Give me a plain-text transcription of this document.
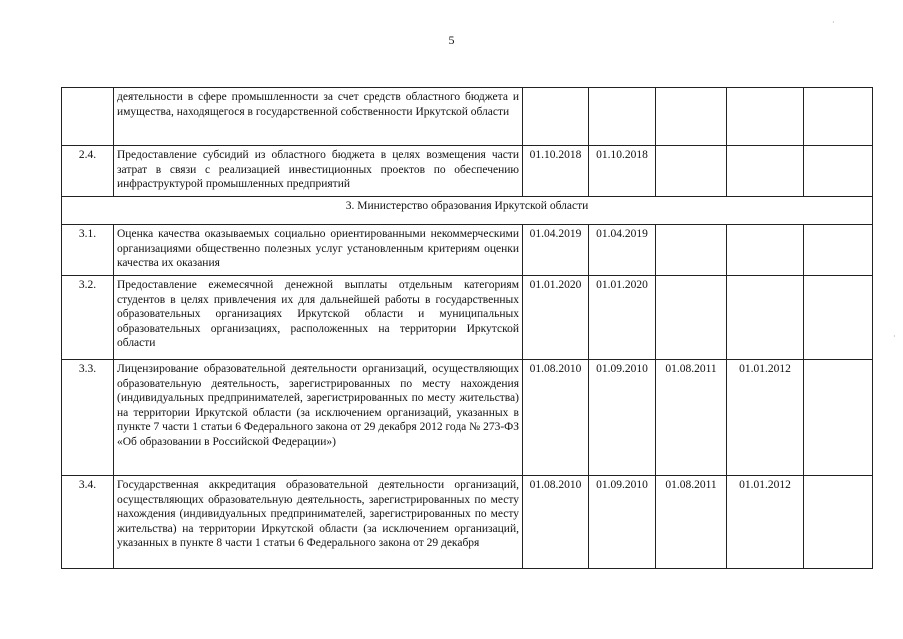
5
·
·
	деятельности в сфере промышленности за счет средств областного бюджета и имущества, находящегося в государственной собственности Иркутской области					
2.4.	Предоставление субсидий из областного бюджета в целях возмещения части затрат в связи с реализацией инвестиционных проектов по обеспечению инфраструктурой промышленных предприятий	01.10.2018	01.10.2018			
3. Министерство образования Иркутской области						
3.1.	Оценка качества оказываемых социально ориентированными некоммерческими организациями общественно полезных услуг установленным критериям оценки качества их оказания	01.04.2019	01.04.2019			
3.2.	Предоставление ежемесячной денежной выплаты отдельным категориям студентов в целях привлечения их для дальнейшей работы в государственных образовательных организациях Иркутской области и муниципальных образовательных организациях, расположенных на территории Иркутской области	01.01.2020	01.01.2020			
3.3.	Лицензирование образовательной деятельности организаций, осуществляющих образовательную деятельность, зарегистрированных по месту нахождения (индивидуальных предпринимателей, зарегистрированных по месту жительства) на территории Иркутской области (за исключением организаций, указанных в пункте 7 части 1 статьи 6 Федерального закона от 29 декабря 2012 года № 273-ФЗ «Об образовании в Российской Федерации»)	01.08.2010	01.09.2010	01.08.2011	01.01.2012	
3.4.	Государственная аккредитация образовательной деятельности организаций, осуществляющих образовательную деятельность, зарегистрированных по месту нахождения (индивидуальных предпринимателей, зарегистрированных по месту жительства) на территории Иркутской области (за исключением организаций, указанных в пункте 8 части 1 статьи 6 Федерального закона от 29 декабря	01.08.2010	01.09.2010	01.08.2011	01.01.2012	
